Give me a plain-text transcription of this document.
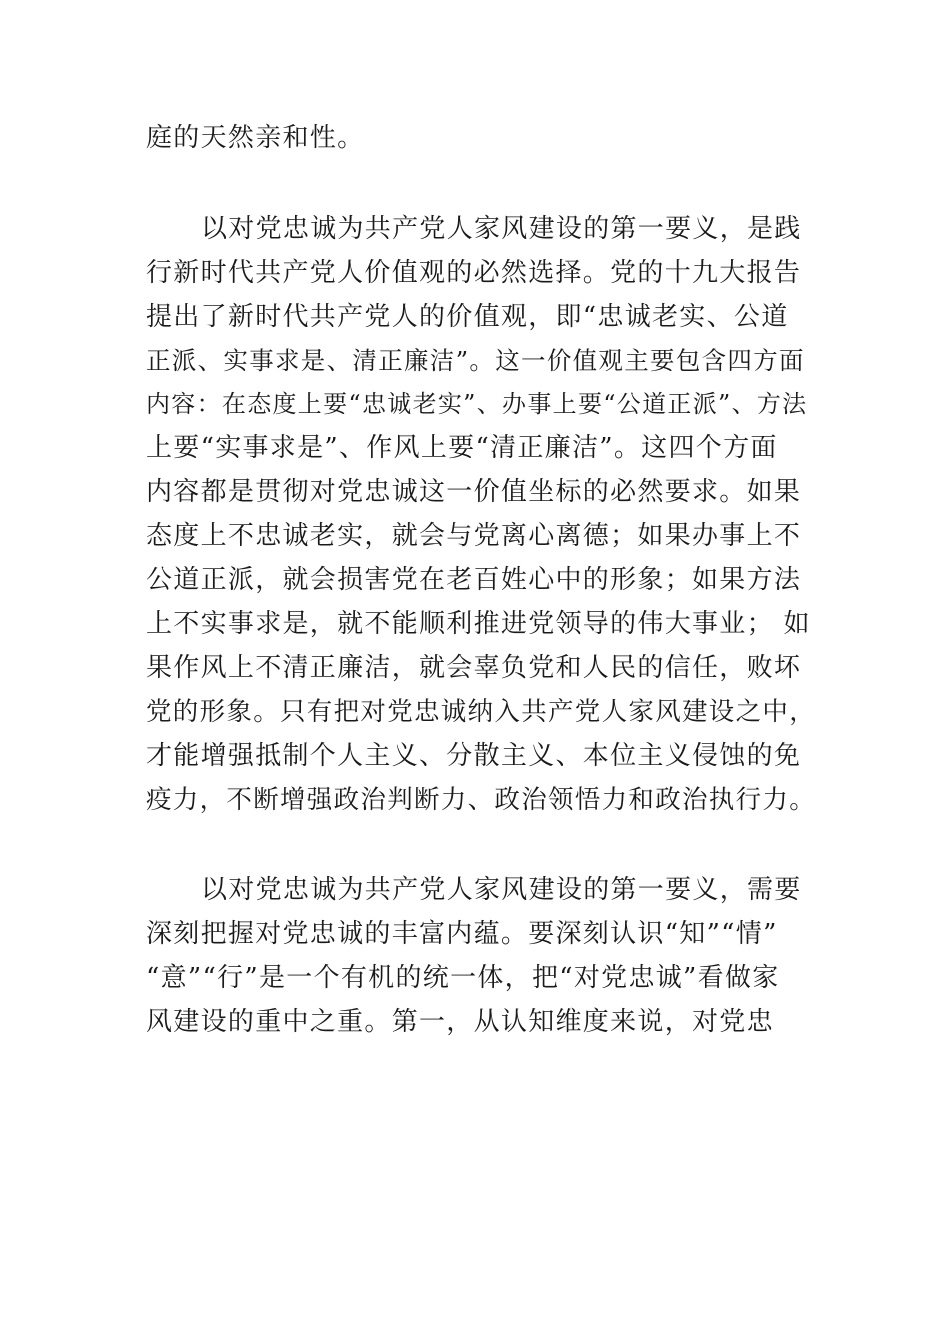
庭的天然亲和性。
以对党忠诚为共产党人家风建设的第一要义，是践
行新时代共产党人价值观的必然选择。党的十九大报告
提出了新时代共产党人的价值观，即“忠诚老实、公道
正派、实事求是、清正廉洁”。这一价值观主要包含四方面
内容：在态度上要“忠诚老实”、办事上要“公道正派”、方法
上要“实事求是”、作风上要“清正廉洁”。这四个方面
内容都是贯彻对党忠诚这一价值坐标的必然要求。如果
态度上不忠诚老实，就会与党离心离德；如果办事上不
公道正派，就会损害党在老百姓心中的形象；如果方法
上不实事求是，就不能顺利推进党领导的伟大事业； 如
果作风上不清正廉洁，就会辜负党和人民的信任，败坏
党的形象。只有把对党忠诚纳入共产党人家风建设之中，
才能增强抵制个人主义、分散主义、本位主义侵蚀的免
疫力，不断增强政治判断力、政治领悟力和政治执行力。
以对党忠诚为共产党人家风建设的第一要义，需要
深刻把握对党忠诚的丰富内蕴。要深刻认识“知”“情”
“意”“行”是一个有机的统一体，把“对党忠诚”看做家
风建设的重中之重。第一，从认知维度来说，对党忠
